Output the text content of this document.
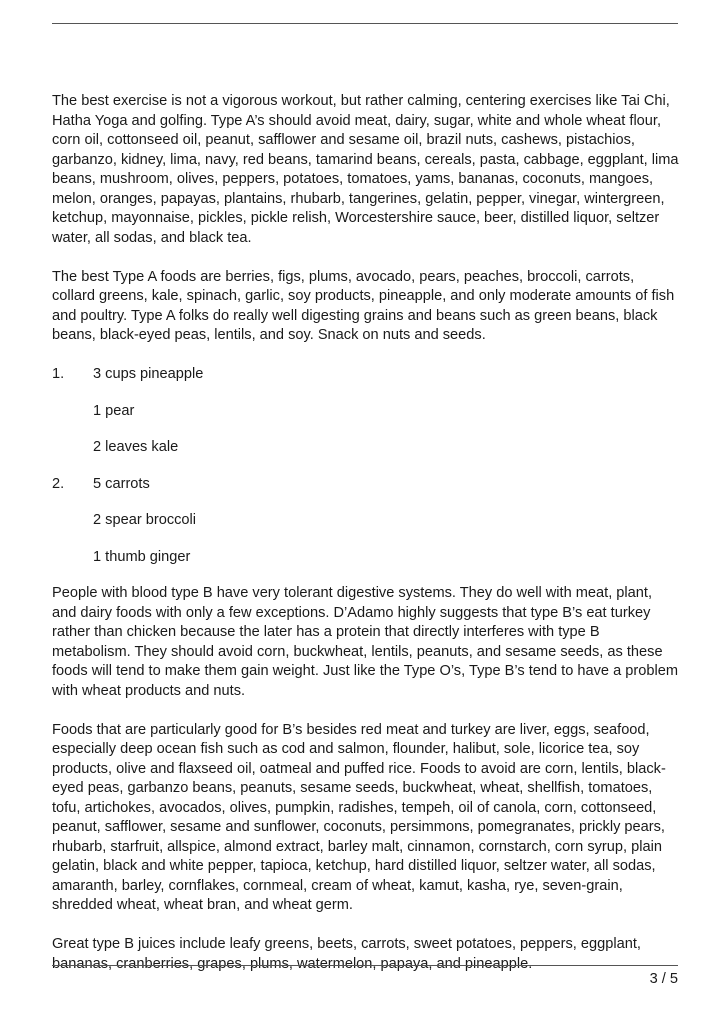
The best exercise is not a vigorous workout, but rather calming, centering exercises like Tai Chi, Hatha Yoga and golfing. Type A’s should avoid meat, dairy, sugar, white and whole wheat flour, corn oil, cottonseed oil, peanut, safflower and sesame oil, brazil nuts, cashews, pistachios, garbanzo, kidney, lima, navy, red beans, tamarind beans, cereals, pasta, cabbage, eggplant, lima beans, mushroom, olives, peppers, potatoes, tomatoes, yams, bananas, coconuts, mangoes, melon, oranges, papayas, plantains, rhubarb, tangerines, gelatin, pepper, vinegar, wintergreen, ketchup, mayonnaise, pickles, pickle relish, Worcestershire sauce, beer, distilled liquor, seltzer water, all sodas, and black tea.

The best Type A foods are berries, figs, plums, avocado, pears, peaches, broccoli, carrots, collard greens, kale, spinach, garlic, soy products, pineapple, and only moderate amounts of fish and poultry. Type A folks do really well digesting grains and beans such as green beans, black beans, black-eyed peas, lentils, and soy. Snack on nuts and seeds.

1.	3 cups pineapple
1 pear
2 leaves kale
2.	5 carrots
2 spear broccoli
1 thumb ginger

People with blood type B have very tolerant digestive systems. They do well with meat, plant, and dairy foods with only a few exceptions. D’Adamo highly suggests that type B’s eat turkey rather than chicken because the later has a protein that directly interferes with type B metabolism. They should avoid corn, buckwheat, lentils, peanuts, and sesame seeds, as these foods will tend to make them gain weight. Just like the Type O’s, Type B’s tend to have a problem with wheat products and nuts.

Foods that are particularly good for B’s besides red meat and turkey are liver, eggs, seafood, especially deep ocean fish such as cod and salmon, flounder, halibut, sole, licorice tea, soy products, olive and flaxseed oil, oatmeal and puffed rice. Foods to avoid are corn, lentils, black-eyed peas, garbanzo beans, peanuts, sesame seeds, buckwheat, wheat, shellfish, tomatoes, tofu, artichokes, avocados, olives, pumpkin, radishes, tempeh, oil of canola, corn, cottonseed, peanut, safflower, sesame and sunflower, coconuts, persimmons, pomegranates, prickly pears, rhubarb, starfruit, allspice, almond extract, barley malt, cinnamon, cornstarch, corn syrup, plain gelatin, black and white pepper, tapioca, ketchup, hard distilled liquor, seltzer water, all sodas, amaranth, barley, cornflakes, cornmeal, cream of wheat, kamut, kasha, rye, seven-grain, shredded wheat, wheat bran, and wheat germ.

Great type B juices include leafy greens, beets, carrots, sweet potatoes, peppers, eggplant, bananas, cranberries, grapes, plums, watermelon, papaya, and pineapple.

3 / 5
